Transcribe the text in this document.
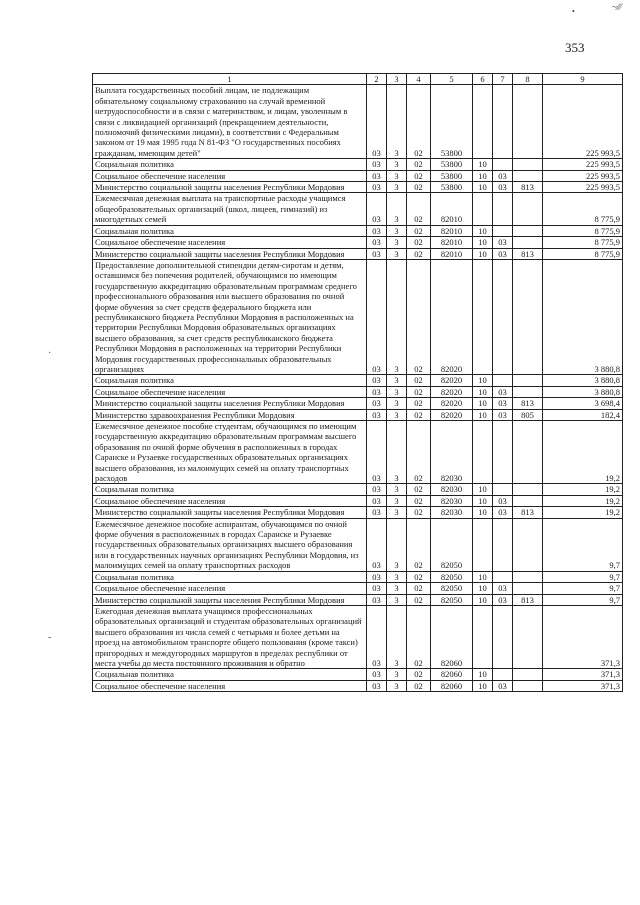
353
~⁄⁄⁄
•
·
-
1	2	3	4	5	6	7	8	9
Выплата государственных пособий лицам, не подлежащим обязательному социальному страхованию на случай временной нетрудоспособности и в связи с материнством, и лицам, уволенным в связи с ликвидацией организаций (прекращением деятельности, полномочий физическими лицами), в соответствии с Федеральным законом от 19 мая 1995 года N 81-ФЗ "О государственных пособиях гражданам, имеющим детей"	03	3	02	53800				225 993,5
Социальная политика	03	3	02	53800	10			225 993,5
Социальное обеспечение населения	03	3	02	53800	10	03		225 993,5
Министерство социальной защиты населения Республики Мордовия	03	3	02	53800	10	03	813	225 993,5
Ежемесячная денежная выплата на транспортные расходы учащимся общеобразовательных организаций (школ, лицеев, гимназий) из многодетных семей	03	3	02	82010				8 775,9
Социальная политика	03	3	02	82010	10			8 775,9
Социальное обеспечение населения	03	3	02	82010	10	03		8 775,9
Министерство социальной защиты населения Республики Мордовия	03	3	02	82010	10	03	813	8 775,9
Предоставление дополнительной стипендии детям-сиротам и детям, оставшимся без попечения родителей, обучающимся по имеющим государственную аккредитацию образовательным программам среднего профессионального образования или высшего образования по очной форме обучения за счет средств федерального бюджета или республиканского бюджета Республики Мордовия в расположенных на территории Республики Мордовия образовательных организациях высшего образования, за счет средств республиканского бюджета Республики Мордовия в расположенных на территории Республики Мордовия государственных профессиональных образовательных организациях	03	3	02	82020				3 880,8
Социальная политика	03	3	02	82020	10			3 880,8
Социальное обеспечение населения	03	3	02	82020	10	03		3 880,8
Министерство социальной защиты населения Республики Мордовия	03	3	02	82020	10	03	813	3 698,4
Министерство здравоохранения Республики Мордовия	03	3	02	82020	10	03	805	182,4
Ежемесячное денежное пособие студентам, обучающимся по имеющим государственную аккредитацию образовательным программам высшего образования по очной форме обучения в расположенных в городах Саранске и Рузаевке государственных образовательных организациях высшего образования, из малоимущих семей на оплату транспортных расходов	03	3	02	82030				19,2
Социальная политика	03	3	02	82030	10			19,2
Социальное обеспечение населения	03	3	02	82030	10	03		19,2
Министерство социальной защиты населения Республики Мордовия	03	3	02	82030	10	03	813	19,2
Ежемесячное денежное пособие аспирантам, обучающимся по очной форме обучения в расположенных в городах Саранске и Рузаевке государственных образовательных организациях высшего образования или в государственных научных организациях Республики Мордовия, из малоимущих семей на оплату транспортных расходов	03	3	02	82050				9,7
Социальная политика	03	3	02	82050	10			9,7
Социальное обеспечение населения	03	3	02	82050	10	03		9,7
Министерство социальной защиты населения Республики Мордовия	03	3	02	82050	10	03	813	9,7
Ежегодная денежная выплата учащимся профессиональных образовательных организаций и студентам образовательных организаций высшего образования из числа семей с четырьмя и более детьми на проезд на автомобильном транспорте общего пользования (кроме такси) пригородных и междугородных маршрутов в пределах республики от места учебы до места постоянного проживания и обратно	03	3	02	82060				371,3
Социальная политика	03	3	02	82060	10			371,3
Социальное обеспечение населения	03	3	02	82060	10	03		371,3
